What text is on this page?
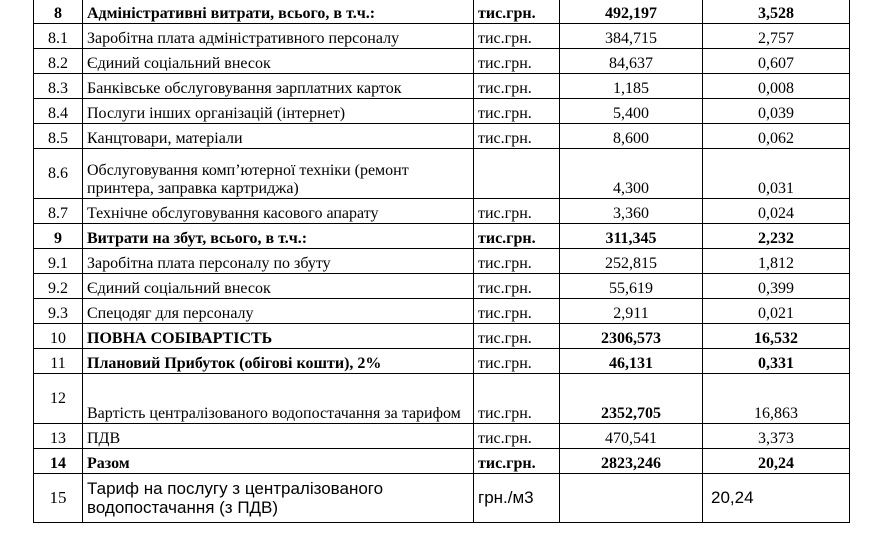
8	Адміністративні витрати, всього, в т.ч.:	тис.грн.	492,197	3,528
8.1	Заробітна плата адміністративного персоналу	тис.грн.	384,715	2,757
8.2	Єдиний соціальний внесок	тис.грн.	84,637	0,607
8.3	Банківське обслуговування зарплатних карток	тис.грн.	1,185	0,008
8.4	Послуги інших організацій (інтернет)	тис.грн.	5,400	0,039
8.5	Канцтовари, матеріали	тис.грн.	8,600	0,062
8.6	Обслуговування комп’ютерної техніки (ремонт принтера, заправка картриджа)		4,300	0,031
8.7	Технічне обслуговування касового апарату	тис.грн.	3,360	0,024
9	Витрати на збут, всього, в т.ч.:	тис.грн.	311,345	2,232
9.1	Заробітна плата персоналу по збуту	тис.грн.	252,815	1,812
9.2	Єдиний соціальний внесок	тис.грн.	55,619	0,399
9.3	Спецодяг для персоналу	тис.грн.	2,911	0,021
10	ПОВНА СОБІВАРТІСТЬ	тис.грн.	2306,573	16,532
11	Плановий Прибуток (обігові кошти), 2%	тис.грн.	46,131	0,331
12	Вартість централізованого водопостачання за тарифом	тис.грн.	2352,705	16,863
13	ПДВ	тис.грн.	470,541	3,373
14	Разом	тис.грн.	2823,246	20,24
15	Тариф на послугу з централізованого водопостачання (з ПДВ)	грн./м3		20,24
